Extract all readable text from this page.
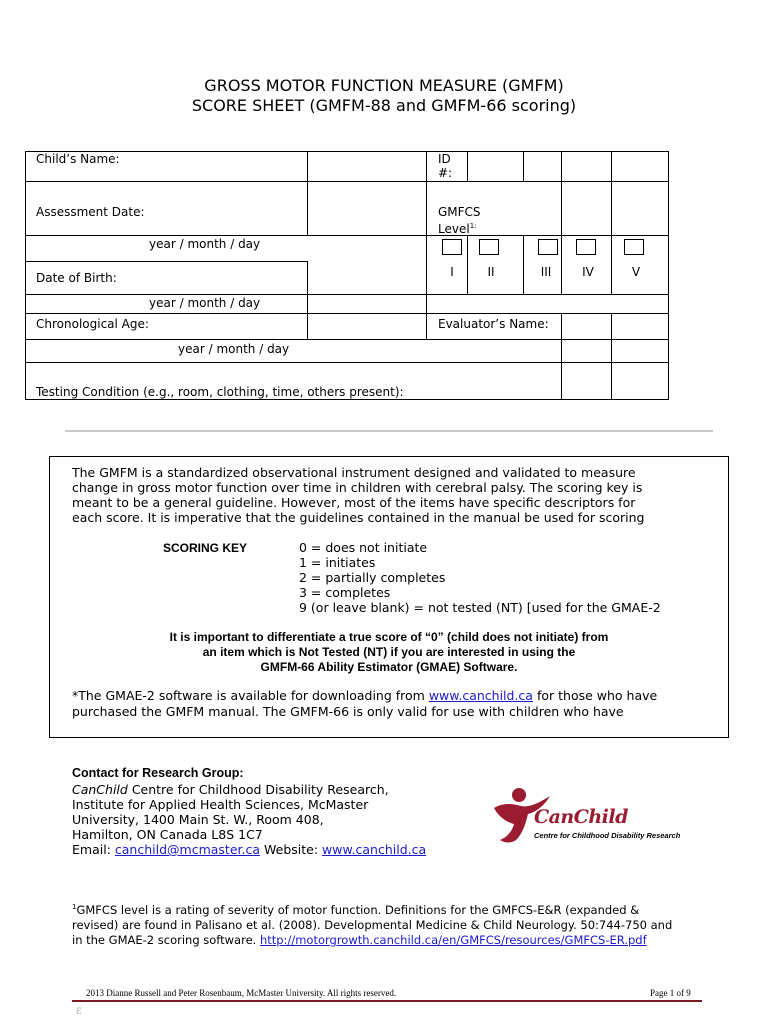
GROSS MOTOR FUNCTION MEASURE (GMFM)
SCORE SHEET (GMFM-88 and GMFM-66 scoring)
Child’s Name:	ID
#:
Assessment Date:	GMFCS
Level$^{1:}$
year / month / day
Date of Birth:
year / month / day
Chronological Age:	Evaluator’s Name:
year / month / day
Testing Condition (e.g., room, clothing, time, others present):
I	II	III	IV	V
The GMFM is a standardized observational instrument designed and validated to measure
change in gross motor function over time in children with cerebral palsy. The scoring key is
meant to be a general guideline. However, most of the items have specific descriptors for
each score. It is imperative that the guidelines contained in the manual be used for scoring
SCORING KEY	0 = does not initiate
1 = initiates
2 = partially completes
3 = completes
9 (or leave blank) = not tested (NT) [used for the GMAE-2
It is important to differentiate a true score of “0” (child does not initiate) from
an item which is Not Tested (NT) if you are interested in using the
GMFM-66 Ability Estimator (GMAE) Software.
*The GMAE-2 software is available for downloading from www.canchild.ca for those who have
purchased the GMFM manual. The GMFM-66 is only valid for use with children who have
Contact for Research Group:
CanChild Centre for Childhood Disability Research,
Institute for Applied Health Sciences, McMaster
University, 1400 Main St. W., Room 408,
Hamilton, ON Canada L8S 1C7
Email: canchild@mcmaster.ca Website: www.canchild.ca
CanChild
Centre for Childhood Disability Research
$^1$GMFCS level is a rating of severity of motor function. Definitions for the GMFCS-E&R (expanded &
revised) are found in Palisano et al. (2008). Developmental Medicine & Child Neurology. 50:744-750 and
in the GMAE-2 scoring software. http://motorgrowth.canchild.ca/en/GMFCS/resources/GMFCS-ER.pdf
2013 Dianne Russell and Peter Rosenbaum, McMaster University. All rights reserved.	Page 1 of 9
ℰ
